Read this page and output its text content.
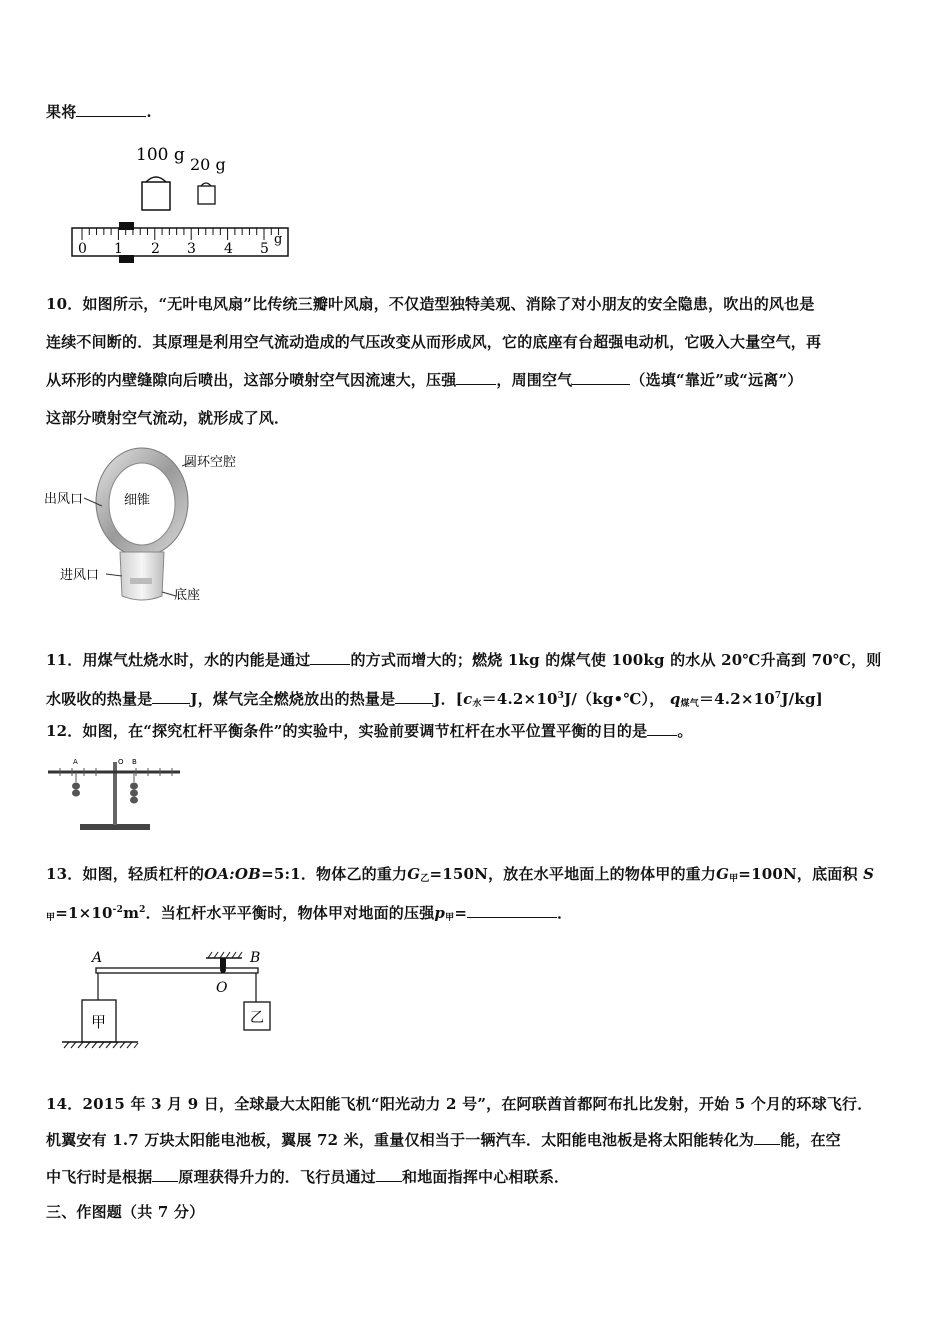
果将	.
100 g 20 g
0 1 2 3 4 5
g
10．如图所示，“无叶电风扇”比传统三瓣叶风扇，不仅造型独特美观、消除了对小朋友的安全隐患，吹出的风也是
连续不间断的．其原理是利用空气流动造成的气压改变从而形成风，它的底座有台超强电动机，它吸入大量空气，再
从环形的内壁缝隙向后喷出，这部分喷射空气因流速大，压强	，周围空气	（选填“靠近”或“远离”）
这部分喷射空气流动，就形成了风．
圆环空腔
细锥
出风口
进风口
底座
11．用煤气灶烧水时，水的内能是通过	的方式而增大的；燃烧 1kg 的煤气使 100kg 的水从 20℃升高到 70℃，则
水吸收的热量是	J，煤气完全燃烧放出的热量是	J．[$c_水=4.2\times 10^3J/(kg•℃)$， $q_{煤气}=4.2\times 10^7J/kg$]
12．如图，在“探究杠杆平衡条件”的实验中，实验前要调节杠杆在水平位置平衡的目的是 。
A	O B
13．如图，轻质杠杆的OA:OB=5:1．物体乙的重力$G_乙=150N$，放在水平地面上的物体甲的重力$G_甲=100N$，底面积 S
$_甲=1\times 10^{-2}m^2$．当杠杆水平平衡时，物体甲对地面的压强$p_甲=$	．
A	B
O
甲	乙
14．2015 年 3 月 9 日，全球最大太阳能飞机“阳光动力 2 号”，在阿联酋首都阿布扎比发射，开始 5 个月的环球飞行．
机翼安有 1.7 万块太阳能电池板，翼展 72 米，重量仅相当于一辆汽车．太阳能电池板是将太阳能转化为 能，在空
中飞行时是根据 原理获得升力的．飞行员通过 和地面指挥中心相联系．
三、作图题（共 7 分）
